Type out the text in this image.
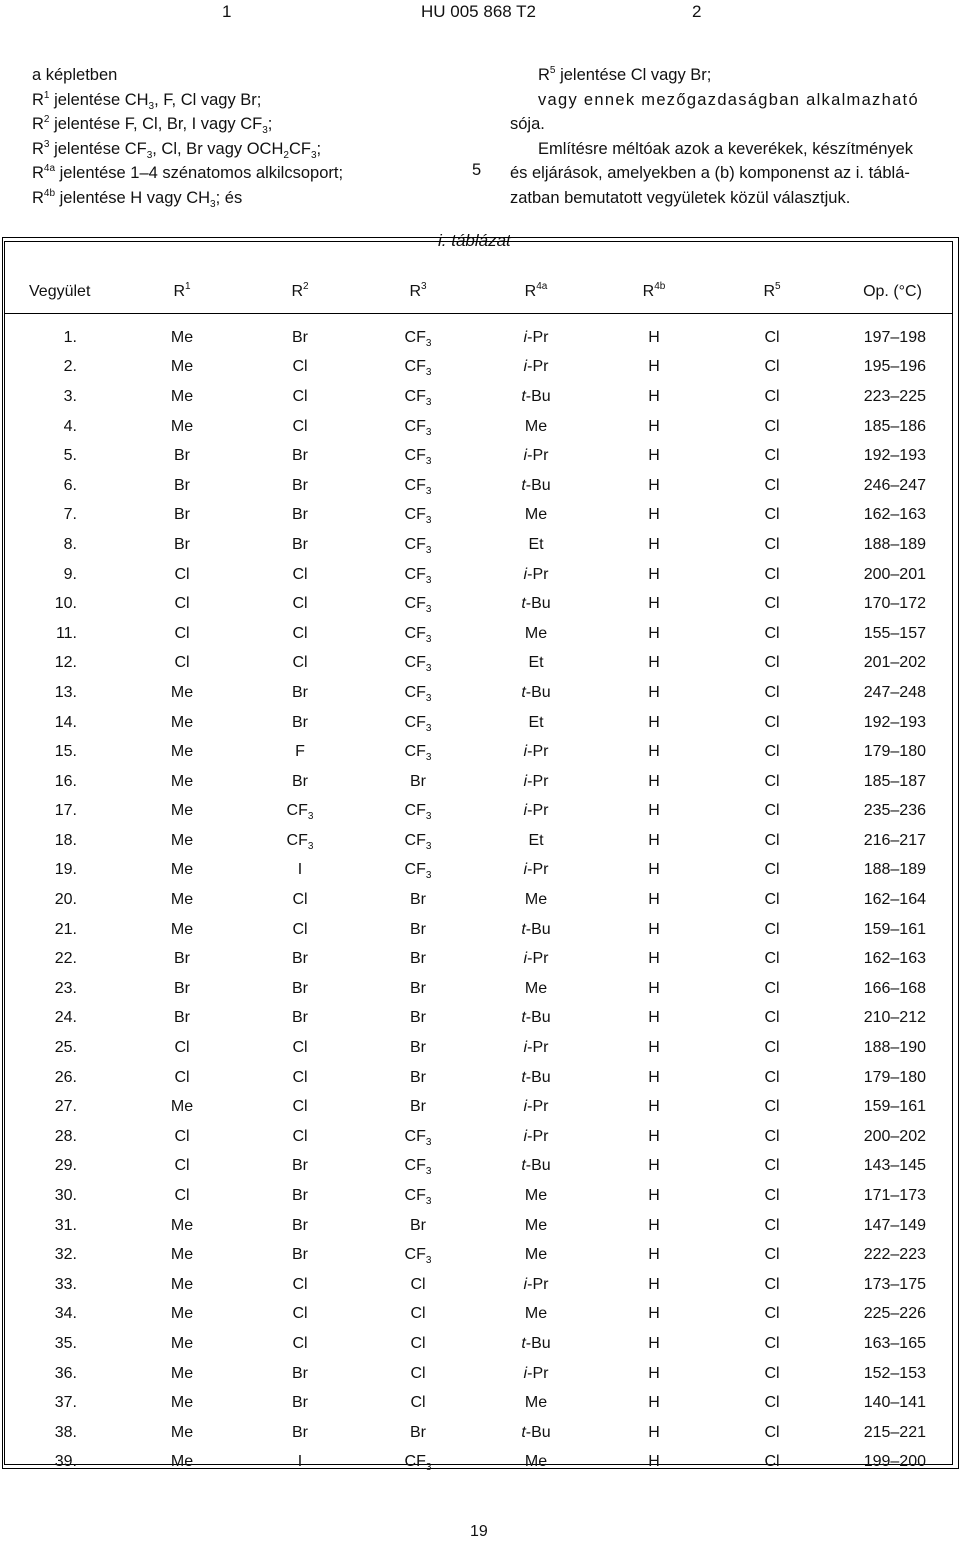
1	HU 005 868 T2	2
a képletben
$R^1$ jelentése $CH_3$, F, Cl vagy Br;
$R^2$ jelentése F, Cl, Br, I vagy $CF_3$;
$R^3$ jelentése $CF_3$, Cl, Br vagy $OCH_2CF_3$;
$R^{4a}$ jelentése 1–4 szénatomos alkilcsoport;
$R^{4b}$ jelentése H vagy $CH_3$; és
5
$R^5$ jelentése Cl vagy Br;
vagy ennek mezőgazdaságban alkalmazható
sója.
Említésre méltóak azok a keverékek, készítmények
és eljárások, amelyekben a (b) komponenst az i. táblá-
zatban bemutatott vegyületek közül választjuk.
i. táblázat
Vegyület	$R^1$	$R^2$	$R^3$	$R^{4a}$	$R^{4b}$	$R^5$	Op. (°C)
1.	Me	Br	$CF_3$	i-Pr	H	Cl	197–198
2.	Me	Cl	$CF_3$	i-Pr	H	Cl	195–196
3.	Me	Cl	$CF_3$	t-Bu	H	Cl	223–225
4.	Me	Cl	$CF_3$	Me	H	Cl	185–186
5.	Br	Br	$CF_3$	i-Pr	H	Cl	192–193
6.	Br	Br	$CF_3$	t-Bu	H	Cl	246–247
7.	Br	Br	$CF_3$	Me	H	Cl	162–163
8.	Br	Br	$CF_3$	Et	H	Cl	188–189
9.	Cl	Cl	$CF_3$	i-Pr	H	Cl	200–201
10.	Cl	Cl	$CF_3$	t-Bu	H	Cl	170–172
11.	Cl	Cl	$CF_3$	Me	H	Cl	155–157
12.	Cl	Cl	$CF_3$	Et	H	Cl	201–202
13.	Me	Br	$CF_3$	t-Bu	H	Cl	247–248
14.	Me	Br	$CF_3$	Et	H	Cl	192–193
15.	Me	F	$CF_3$	i-Pr	H	Cl	179–180
16.	Me	Br	Br	i-Pr	H	Cl	185–187
17.	Me	$CF_3$	$CF_3$	i-Pr	H	Cl	235–236
18.	Me	$CF_3$	$CF_3$	Et	H	Cl	216–217
19.	Me	I	$CF_3$	i-Pr	H	Cl	188–189
20.	Me	Cl	Br	Me	H	Cl	162–164
21.	Me	Cl	Br	t-Bu	H	Cl	159–161
22.	Br	Br	Br	i-Pr	H	Cl	162–163
23.	Br	Br	Br	Me	H	Cl	166–168
24.	Br	Br	Br	t-Bu	H	Cl	210–212
25.	Cl	Cl	Br	i-Pr	H	Cl	188–190
26.	Cl	Cl	Br	t-Bu	H	Cl	179–180
27.	Me	Cl	Br	i-Pr	H	Cl	159–161
28.	Cl	Cl	$CF_3$	i-Pr	H	Cl	200–202
29.	Cl	Br	$CF_3$	t-Bu	H	Cl	143–145
30.	Cl	Br	$CF_3$	Me	H	Cl	171–173
31.	Me	Br	Br	Me	H	Cl	147–149
32.	Me	Br	$CF_3$	Me	H	Cl	222–223
33.	Me	Cl	Cl	i-Pr	H	Cl	173–175
34.	Me	Cl	Cl	Me	H	Cl	225–226
35.	Me	Cl	Cl	t-Bu	H	Cl	163–165
36.	Me	Br	Cl	i-Pr	H	Cl	152–153
37.	Me	Br	Cl	Me	H	Cl	140–141
38.	Me	Br	Br	t-Bu	H	Cl	215–221
39.	Me	I	$CF_3$	Me	H	Cl	199–200
19
